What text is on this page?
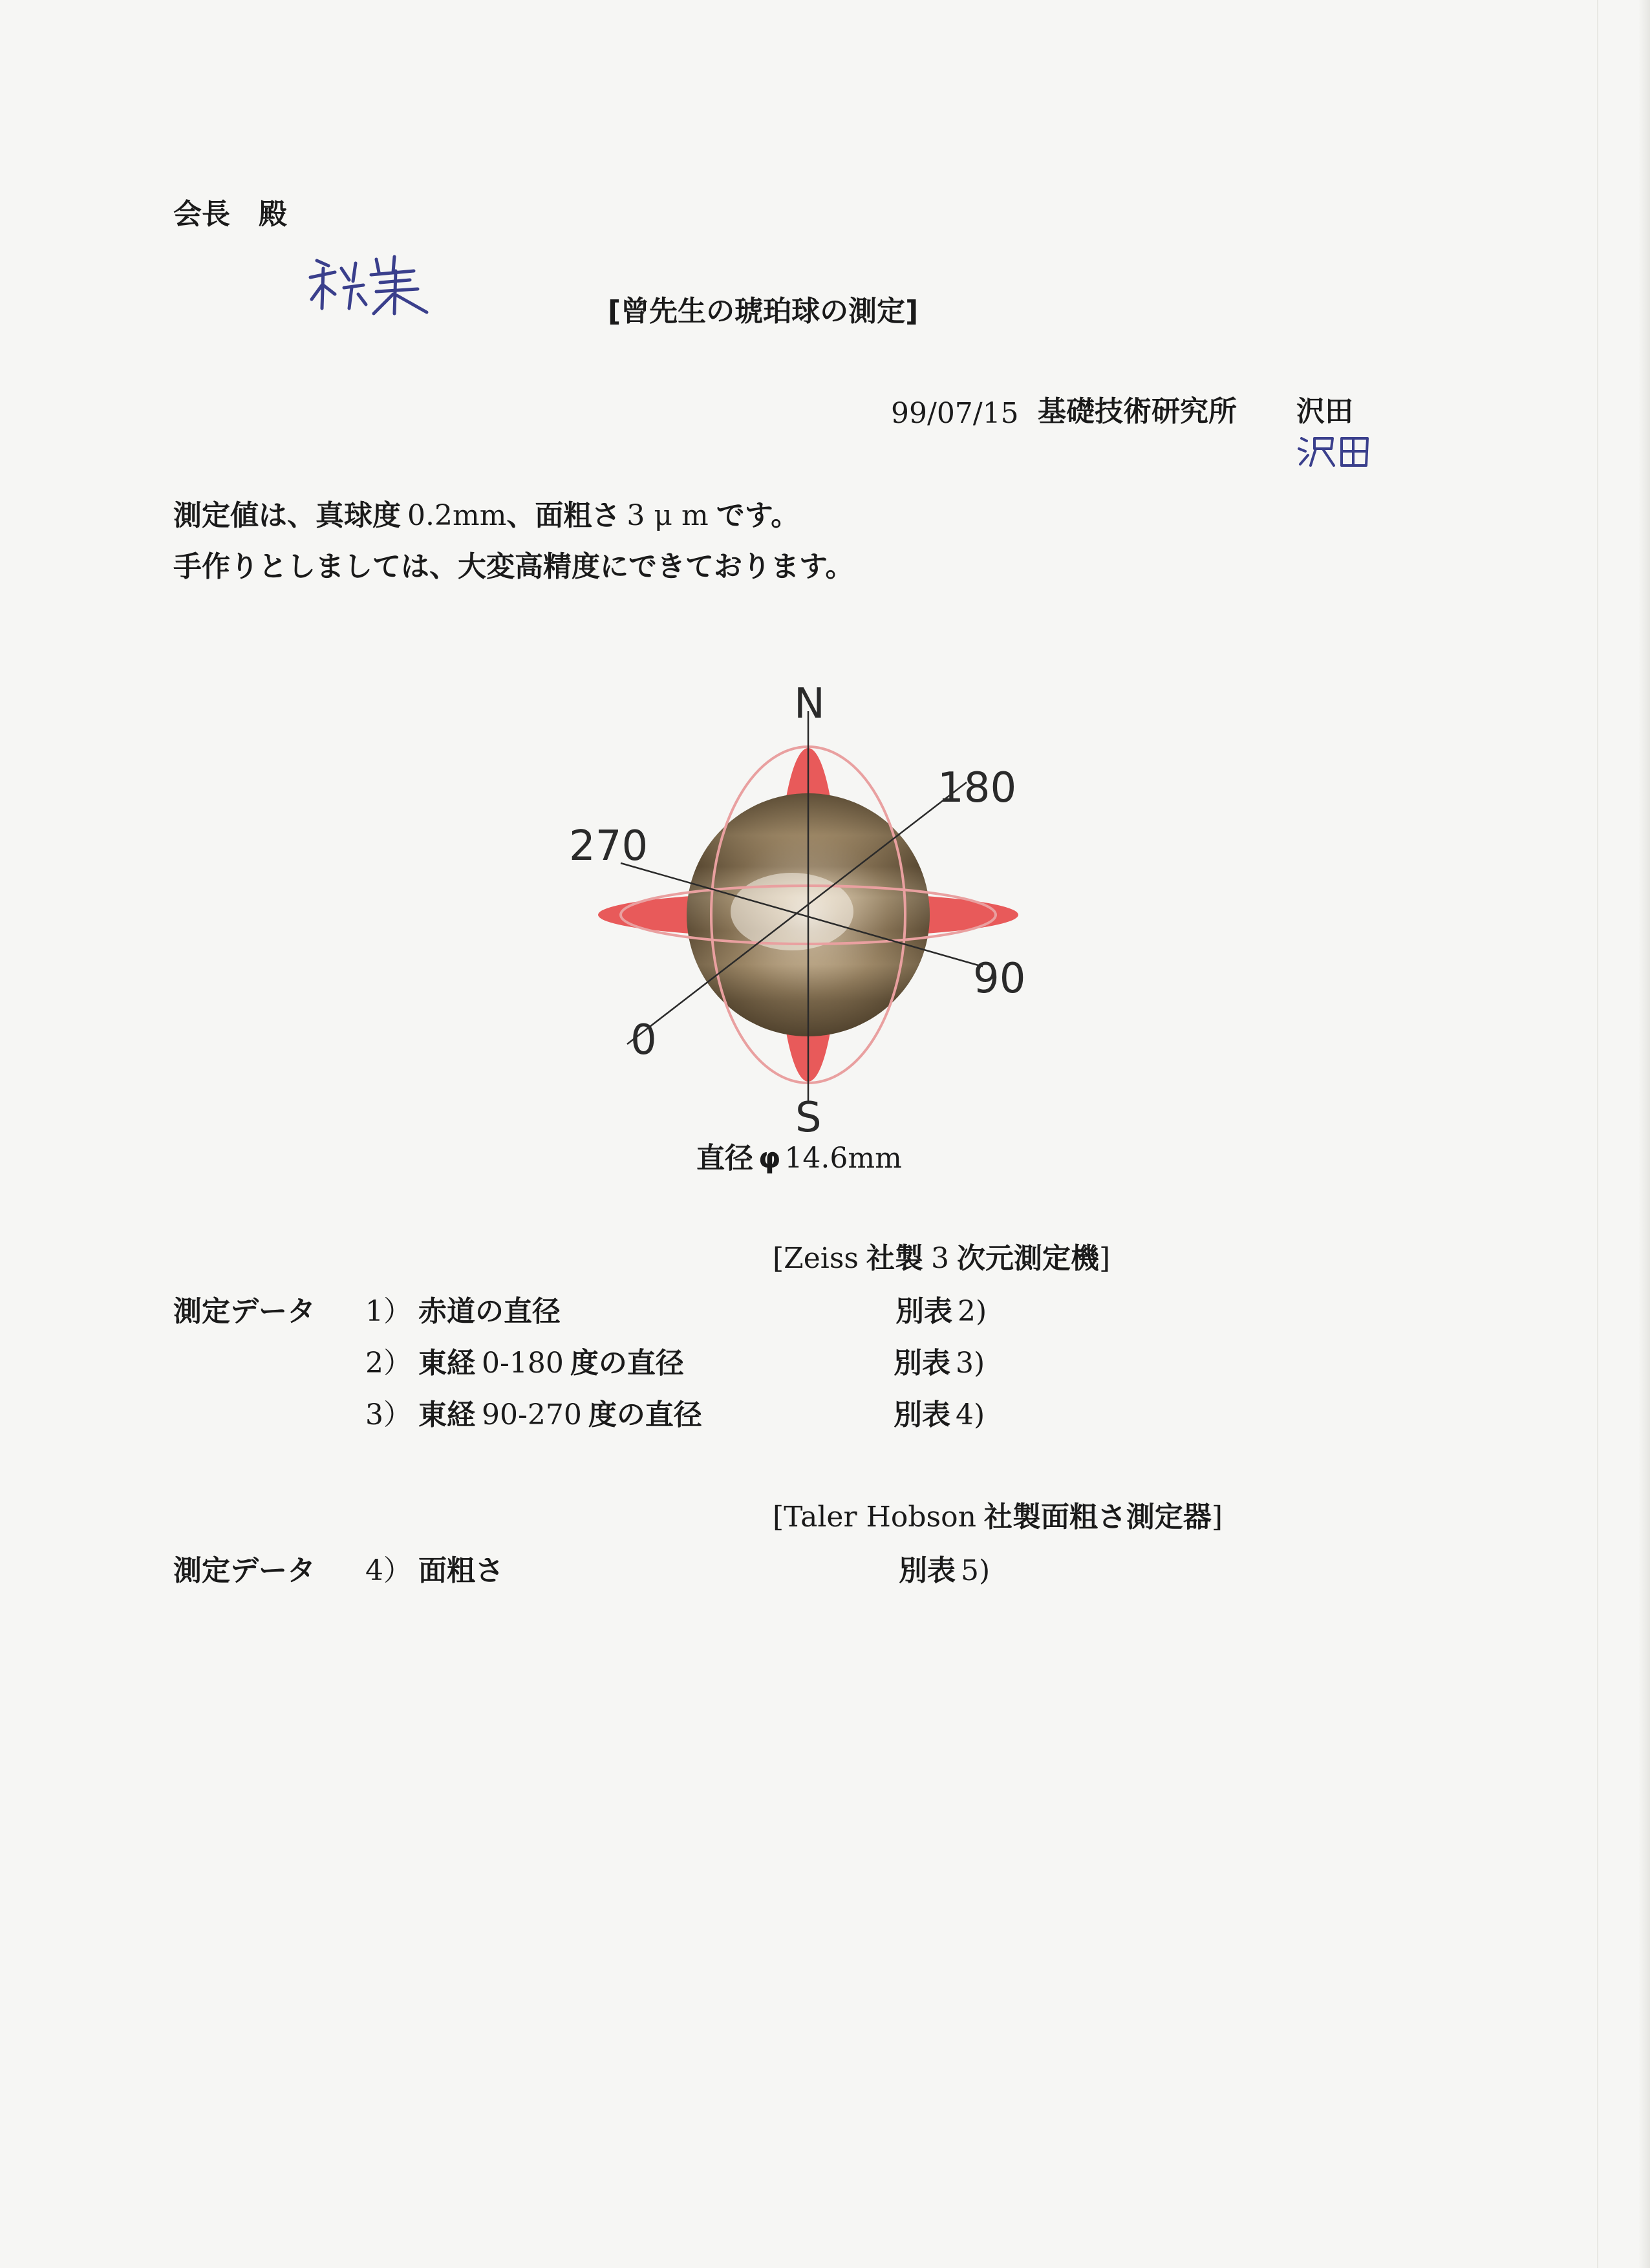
会長　殿
[曾先生の琥珀球の測定]
99/07/15 基礎技術研究所 沢田
測定値は、真球度 0.2mm、面粗さ 3 μ m です。
手作りとしましては、大変高精度にできております。
N
S
180
270
90
0
直径 φ 14.6mm
[Zeiss 社製 3 次元測定機]
測定データ 1） 赤道の直径	別表 2)
2） 東経 0-180 度の直径	別表 3)
3） 東経 90-270 度の直径	別表 4)
[Taler Hobson 社製面粗さ測定器]
測定データ 4） 面粗さ	別表 5)
